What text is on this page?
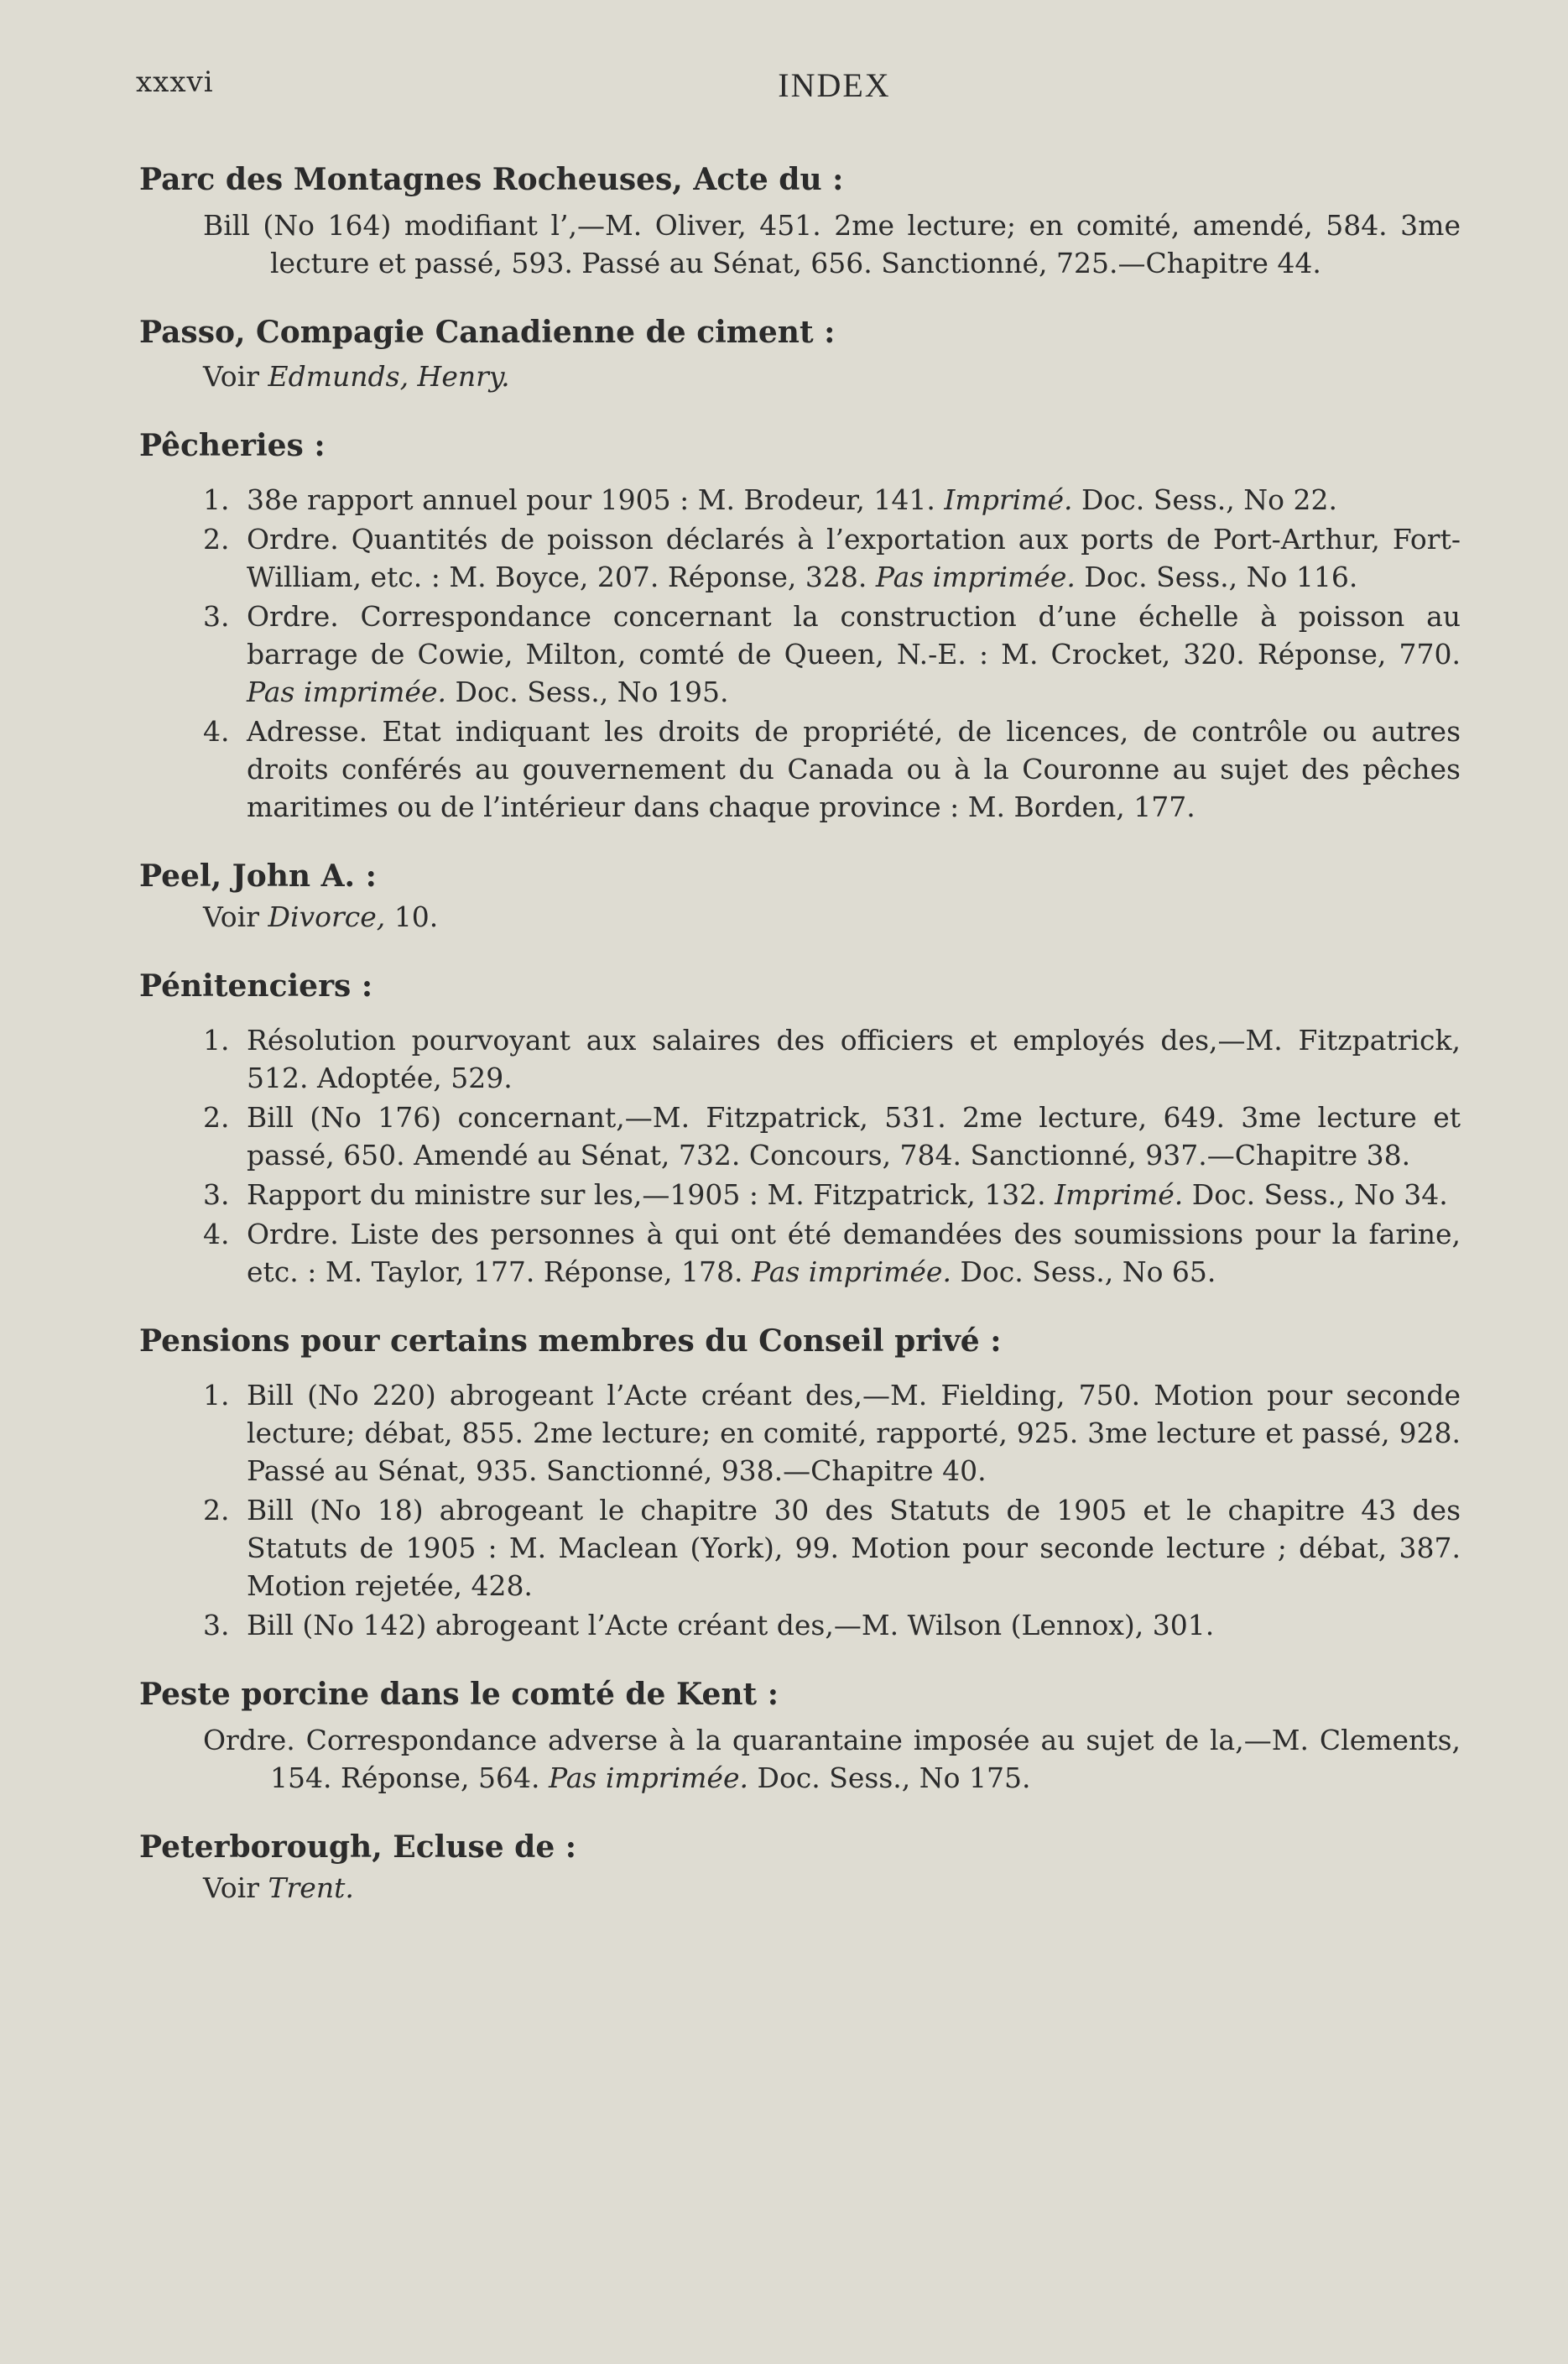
xxxvi	INDEX

Parc des Montagnes Rocheuses, Acte du :

Bill (No 164) modifiant l’,—M. Oliver, 451. 2me lecture; en comité, amendé, 584. 3me lecture et passé, 593. Passé au Sénat, 656. Sanctionné, 725.—Chapitre 44.

Passo, Compagie Canadienne de ciment :

Voir Edmunds, Henry.

Pêcheries :

1. 38e rapport annuel pour 1905 : M. Brodeur, 141. Imprimé. Doc. Sess., No 22.
2. Ordre. Quantités de poisson déclarés à l’exportation aux ports de Port-Arthur, Fort-William, etc. : M. Boyce, 207. Réponse, 328. Pas imprimée. Doc. Sess., No 116.
3. Ordre. Correspondance concernant la construction d’une échelle à poisson au barrage de Cowie, Milton, comté de Queen, N.-E. : M. Crocket, 320. Réponse, 770. Pas imprimée. Doc. Sess., No 195.
4. Adresse. Etat indiquant les droits de propriété, de licences, de contrôle ou autres droits conférés au gouvernement du Canada ou à la Couronne au sujet des pêches maritimes ou de l’intérieur dans chaque province : M. Borden, 177.

Peel, John A. :

Voir Divorce, 10.

Pénitenciers :

1. Résolution pourvoyant aux salaires des officiers et employés des,—M. Fitzpatrick, 512. Adoptée, 529.
2. Bill (No 176) concernant,—M. Fitzpatrick, 531. 2me lecture, 649. 3me lecture et passé, 650. Amendé au Sénat, 732. Concours, 784. Sanctionné, 937.—Chapitre 38.
3. Rapport du ministre sur les,—1905 : M. Fitzpatrick, 132. Imprimé. Doc. Sess., No 34.
4. Ordre. Liste des personnes à qui ont été demandées des soumissions pour la farine, etc. : M. Taylor, 177. Réponse, 178. Pas imprimée. Doc. Sess., No 65.

Pensions pour certains membres du Conseil privé :

1. Bill (No 220) abrogeant l’Acte créant des,—M. Fielding, 750. Motion pour seconde lecture; débat, 855. 2me lecture; en comité, rapporté, 925. 3me lecture et passé, 928. Passé au Sénat, 935. Sanctionné, 938.—Chapitre 40.
2. Bill (No 18) abrogeant le chapitre 30 des Statuts de 1905 et le chapitre 43 des Statuts de 1905 : M. Maclean (York), 99. Motion pour seconde lecture ; débat, 387. Motion rejetée, 428.
3. Bill (No 142) abrogeant l’Acte créant des,—M. Wilson (Lennox), 301.

Peste porcine dans le comté de Kent :

Ordre. Correspondance adverse à la quarantaine imposée au sujet de la,—M. Clements, 154. Réponse, 564. Pas imprimée. Doc. Sess., No 175.

Peterborough, Ecluse de :

Voir Trent.
